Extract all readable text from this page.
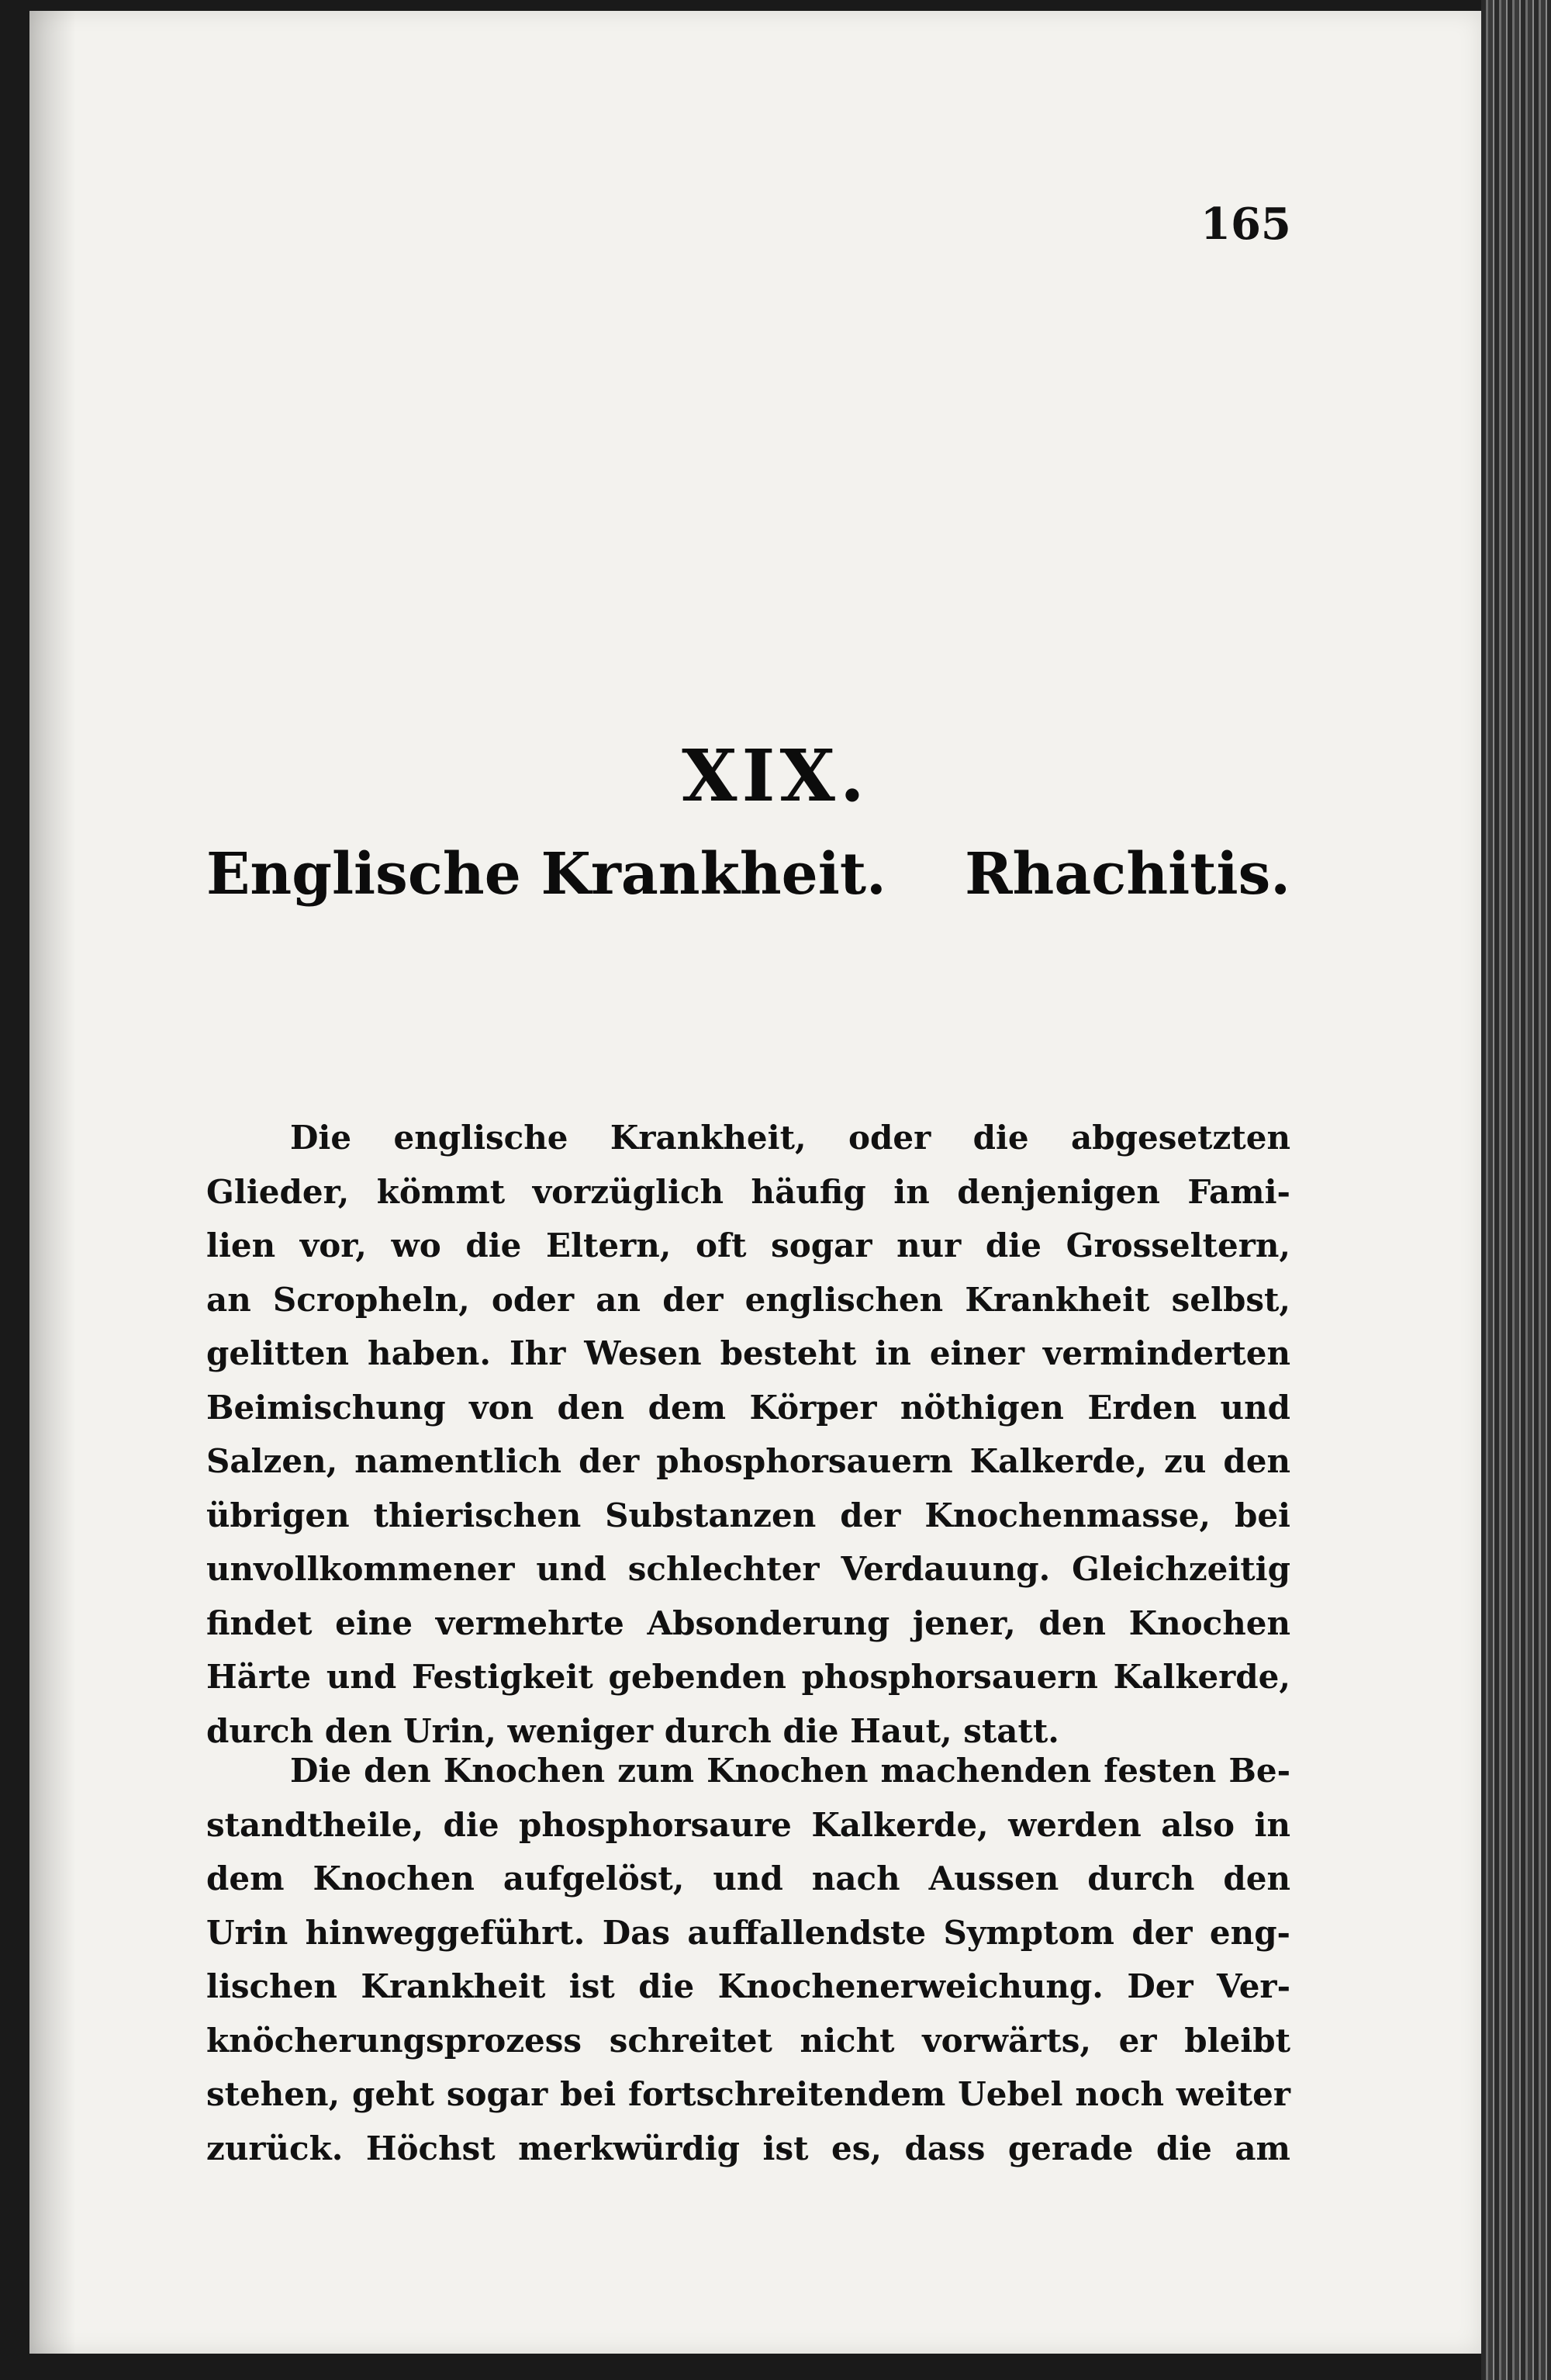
165
XIX.
Englische Krankheit. Rhachitis.
Die englische Krankheit, oder die abgesetzten
Glieder, kömmt vorzüglich häufig in denjenigen Fami-
lien vor, wo die Eltern, oft sogar nur die Grosseltern,
an Scropheln, oder an der englischen Krankheit selbst,
gelitten haben. Ihr Wesen besteht in einer verminderten
Beimischung von den dem Körper nöthigen Erden und
Salzen, namentlich der phosphorsauern Kalkerde, zu den
übrigen thierischen Substanzen der Knochenmasse, bei
unvollkommener und schlechter Verdauung. Gleichzeitig
findet eine vermehrte Absonderung jener, den Knochen
Härte und Festigkeit gebenden phosphorsauern Kalkerde,
durch den Urin, weniger durch die Haut, statt.
Die den Knochen zum Knochen machenden festen Be-
standtheile, die phosphorsaure Kalkerde, werden also in
dem Knochen aufgelöst, und nach Aussen durch den
Urin hinweggeführt. Das auffallendste Symptom der eng-
lischen Krankheit ist die Knochenerweichung. Der Ver-
knöcherungsprozess schreitet nicht vorwärts, er bleibt
stehen, geht sogar bei fortschreitendem Uebel noch weiter
zurück. Höchst merkwürdig ist es, dass gerade die am
